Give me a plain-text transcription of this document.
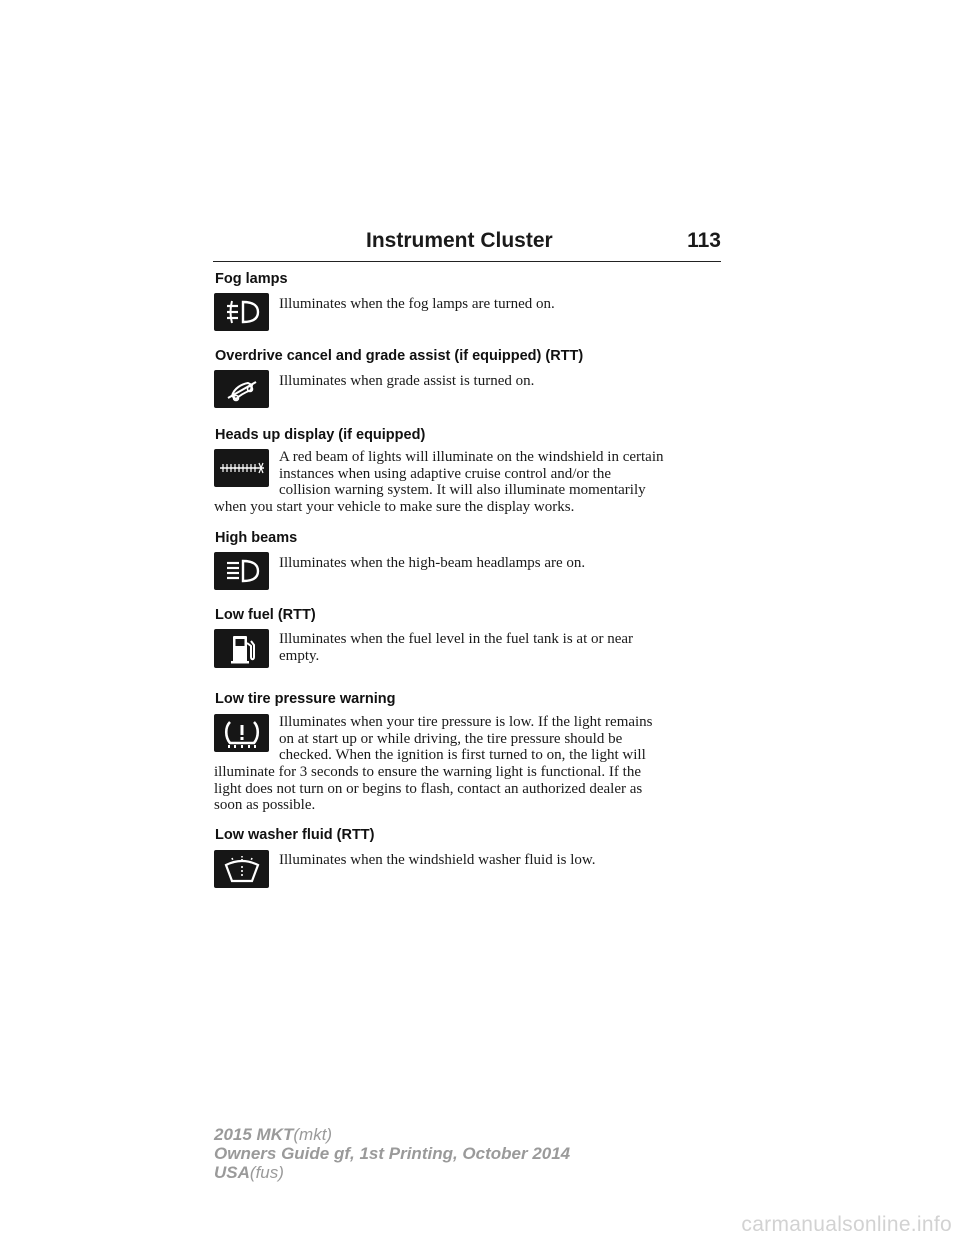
Instrument Cluster	113
Fog lamps
Illuminates when the fog lamps are turned on.
Overdrive cancel and grade assist (if equipped) (RTT)
Illuminates when grade assist is turned on.
Heads up display (if equipped)
A red beam of lights will illuminate on the windshield in certain
instances when using adaptive cruise control and/or the
collision warning system. It will also illuminate momentarily
when you start your vehicle to make sure the display works.
High beams
Illuminates when the high-beam headlamps are on.
Low fuel (RTT)
Illuminates when the fuel level in the fuel tank is at or near
empty.
Low tire pressure warning
Illuminates when your tire pressure is low. If the light remains
on at start up or while driving, the tire pressure should be
checked. When the ignition is first turned to on, the light will
illuminate for 3 seconds to ensure the warning light is functional. If the
light does not turn on or begins to flash, contact an authorized dealer as
soon as possible.
Low washer fluid (RTT)
Illuminates when the windshield washer fluid is low.
2015 MKT(mkt)
Owners Guide gf, 1st Printing, October 2014
USA(fus)
carmanualsonline.info
